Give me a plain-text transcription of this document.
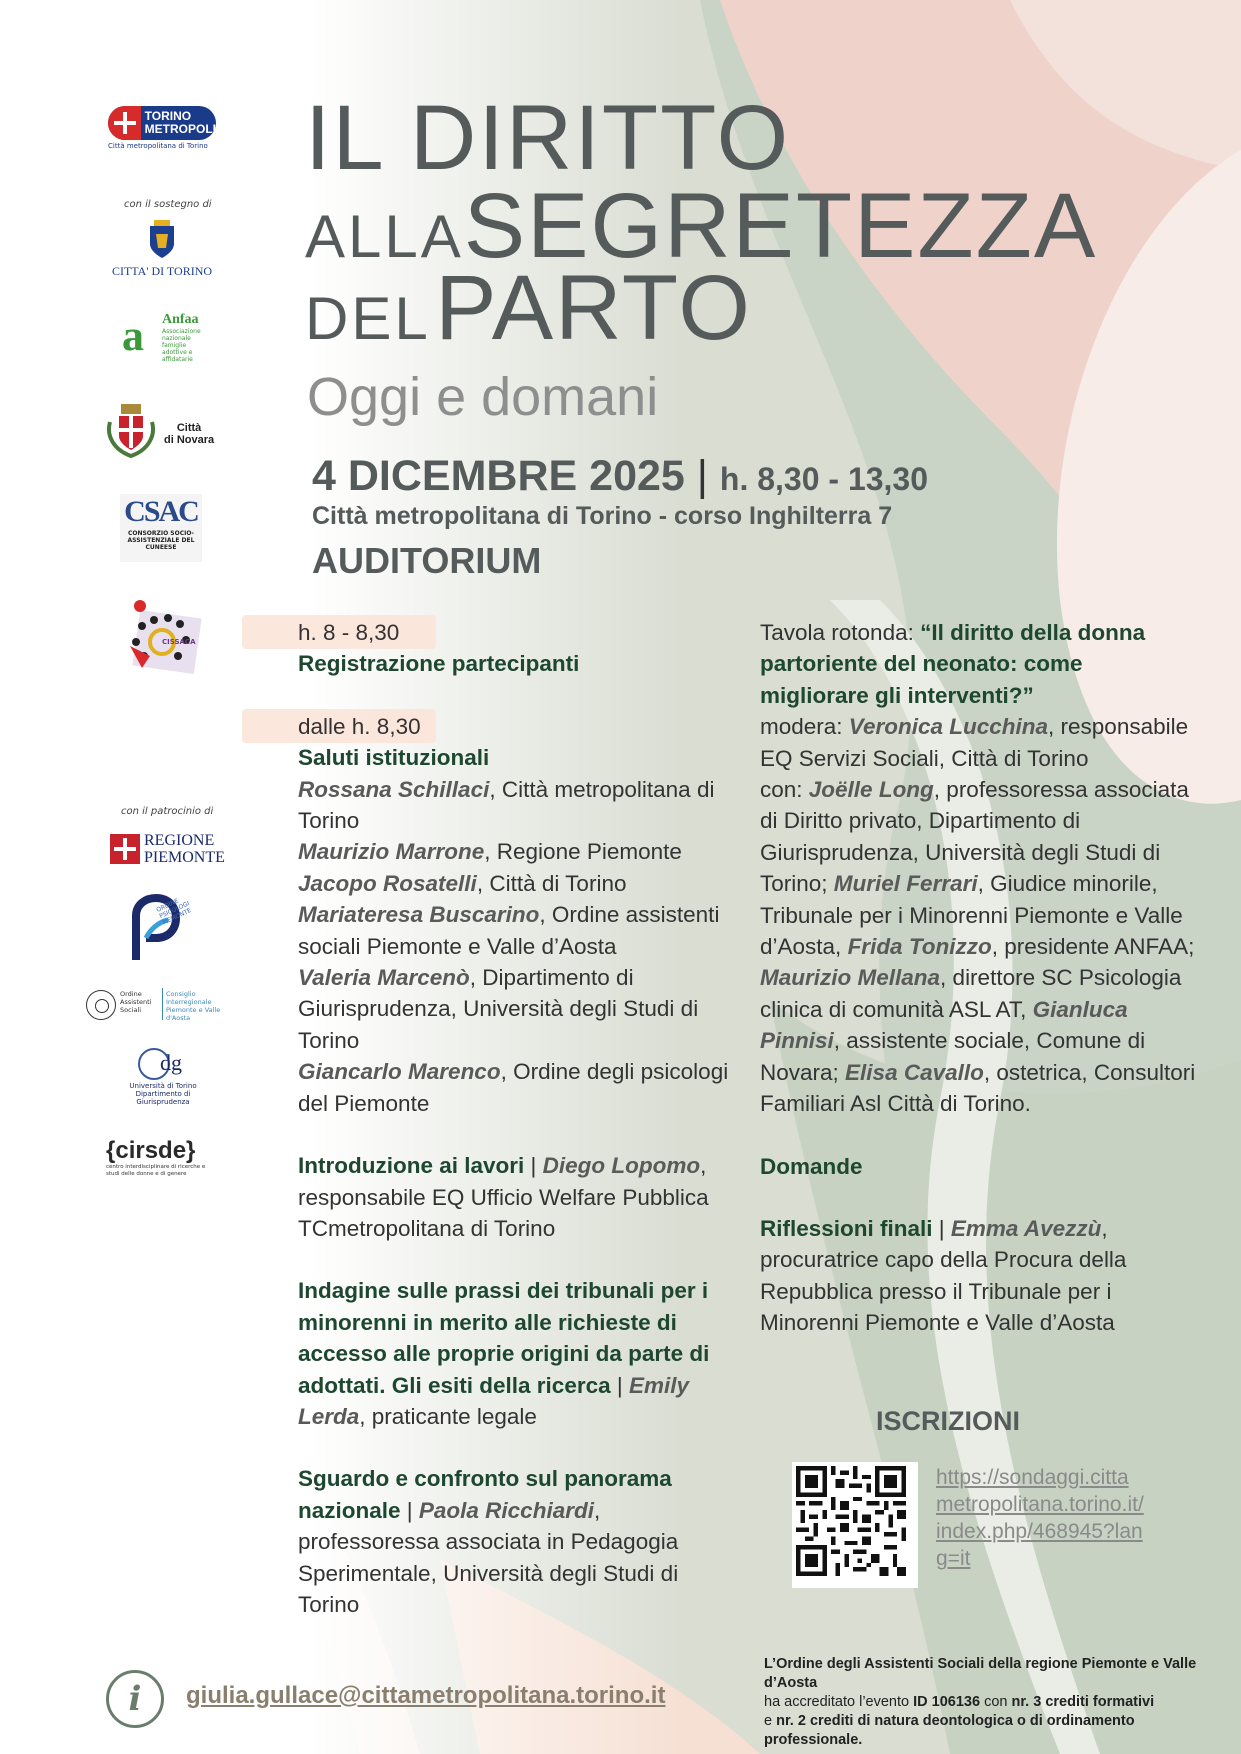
TORINO
METROPOLI
Città metropolitana di Torino
con il sostegno di
CITTA' DI TORINO
a Anfaa
Associazione nazionale famiglie adottive e affidatarie
Città
di Novara
CSAC
CONSORZIO SOCIO-ASSISTENZIALE DEL CUNEESE
CISSACA
con il patrocinio di
REGIONE
PIEMONTE
ORDINE PSICOLOGI PIEMONTE
Ordine Assistenti Sociali
Consiglio Interregionale Piemonte e Valle d'Aosta
dg
Università di Torino Dipartimento di Giurisprudenza
{cirsde}
centro interdisciplinare di ricerche e studi delle donne e di genere
IL DIRITTO
ALLASEGRETEZZA
DEL PARTO
Oggi e domani
4 DICEMBRE 2025 | h. 8,30 - 13,30
Città metropolitana di Torino - corso Inghilterra 7
AUDITORIUM

h. 8 - 8,30

Registrazione partecipanti

dalle h. 8,30

Saluti istituzionali

Rossana Schillaci, Città metropolitana di Torino

Maurizio Marrone, Regione Piemonte

Jacopo Rosatelli, Città di Torino

Mariateresa Buscarino, Ordine assistenti sociali Piemonte e Valle d’Aosta

Valeria Marcenò, Dipartimento di Giurisprudenza, Università degli Studi di Torino

Giancarlo Marenco, Ordine degli psicologi del Piemonte

Introduzione ai lavori | Diego Lopomo, responsabile EQ Ufficio Welfare Pubblica TCmetropolitana di Torino

Indagine sulle prassi dei tribunali per i minorenni in merito alle richieste di accesso alle proprie origini da parte di adottati. Gli esiti della ricerca | Emily Lerda, praticante legale

Sguardo e confronto sul panorama nazionale | Paola Ricchiardi, professoressa associata in Pedagogia Sperimentale, Università degli Studi di Torino

Tavola rotonda: “Il diritto della donna partoriente del neonato: come migliorare gli interventi?”

modera: Veronica Lucchina, responsabile EQ Servizi Sociali, Città di Torino

con: Joëlle Long, professoressa associata di Diritto privato, Dipartimento di Giurisprudenza, Università degli Studi di Torino; Muriel Ferrari, Giudice minorile, Tribunale per i Minorenni Piemonte e Valle d’Aosta, Frida Tonizzo, presidente ANFAA; Maurizio Mellana, direttore SC Psicologia clinica di comunità ASL AT, Gianluca Pinnisi, assistente sociale, Comune di Novara; Elisa Cavallo, ostetrica, Consultori Familiari Asl Città di Torino.

Domande

Riflessioni finali | Emma Avezzù, procuratrice capo della Procura della Repubblica presso il Tribunale per i Minorenni Piemonte e Valle d’Aosta

ISCRIZIONI
https://sondaggi.cittametropolitana.torino.it/index.php/468945?lang=it
i	giulia.gullace@cittametropolitana.torino.it
L’Ordine degli Assistenti Sociali della regione Piemonte e Valle d’Aosta
ha accreditato l’evento ID 106136 con nr. 3 crediti formativi
e nr. 2 crediti di natura deontologica o di ordinamento professionale.
